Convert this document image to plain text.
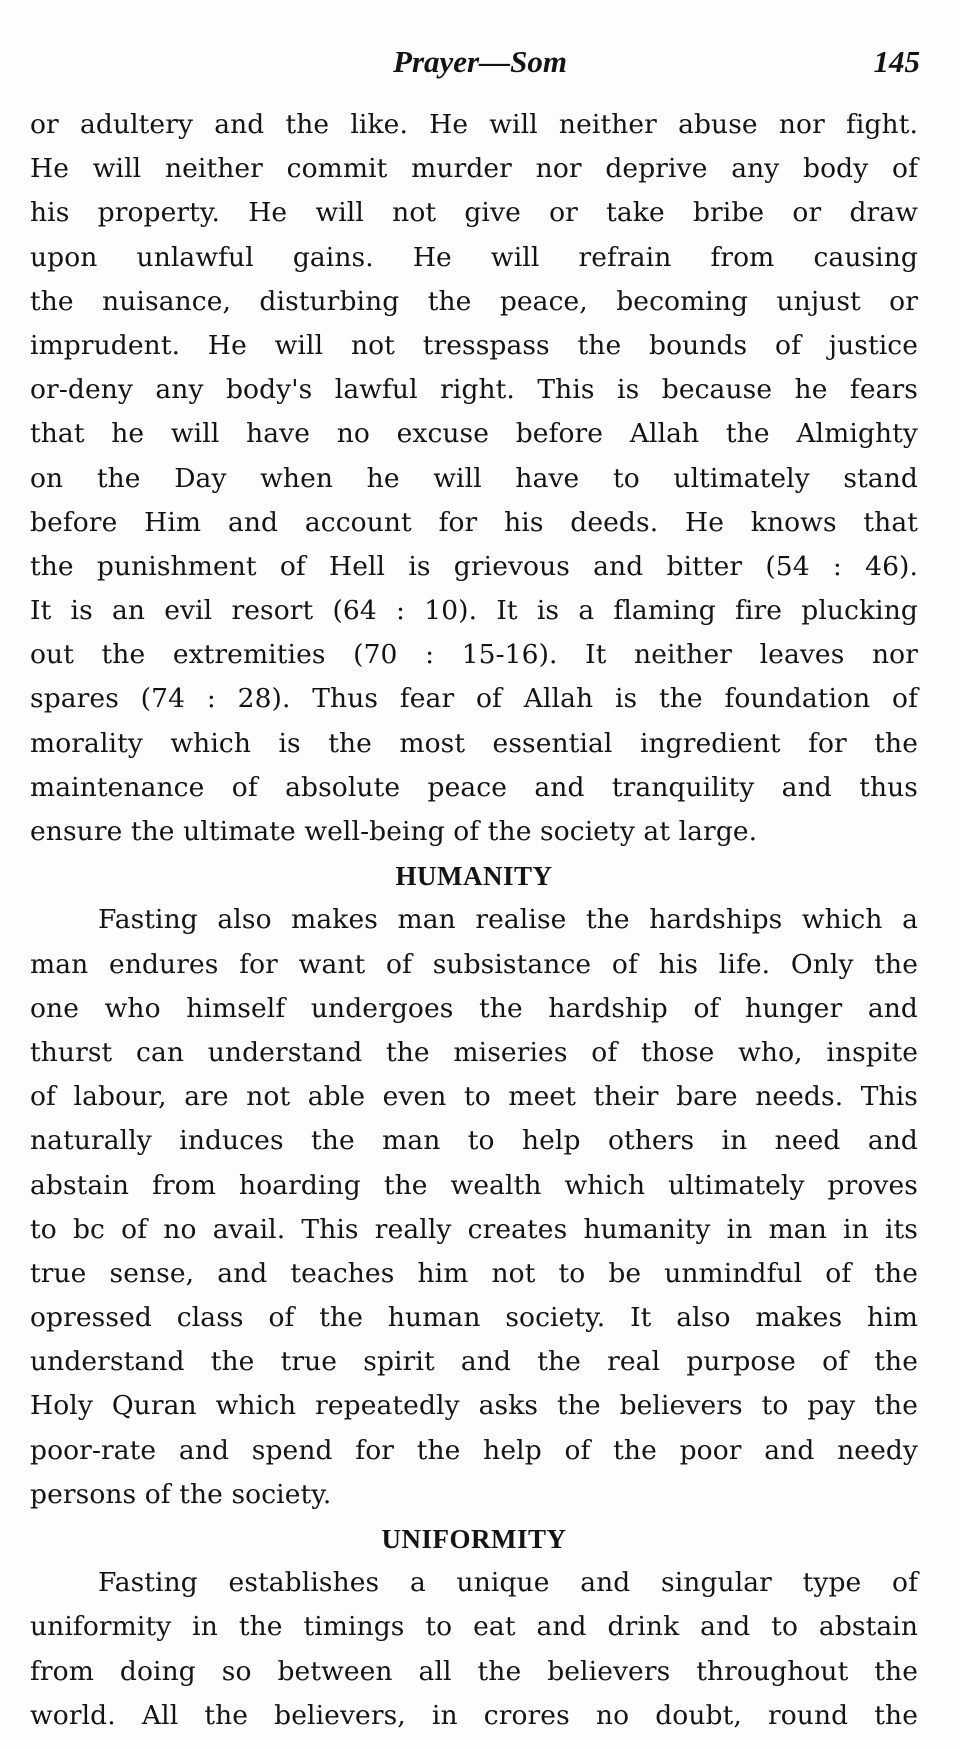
Prayer—Som	145
or adultery and the like. He will neither abuse nor fight.
He will neither commit murder nor deprive any body of
his property. He will not give or take bribe or draw
upon unlawful gains. He will refrain from causing
the nuisance, disturbing the peace, becoming unjust or
imprudent. He will not tresspass the bounds of justice
or-deny any body's lawful right. This is because he fears
that he will have no excuse before Allah the Almighty
on the Day when he will have to ultimately stand
before Him and account for his deeds. He knows that
the punishment of Hell is grievous and bitter (54 : 46).
It is an evil resort (64 : 10). It is a flaming fire plucking
out the extremities (70 : 15-16). It neither leaves nor
spares (74 : 28). Thus fear of Allah is the foundation of
morality which is the most essential ingredient for the
maintenance of absolute peace and tranquility and thus
ensure the ultimate well-being of the society at large.
HUMANITY
Fasting also makes man realise the hardships which a
man endures for want of subsistance of his life. Only the
one who himself undergoes the hardship of hunger and
thurst can understand the miseries of those who, inspite
of labour, are not able even to meet their bare needs. This
naturally induces the man to help others in need and
abstain from hoarding the wealth which ultimately proves
to bc of no avail. This really creates humanity in man in its
true sense, and teaches him not to be unmindful of the
opressed class of the human society. It also makes him
understand the true spirit and the real purpose of the
Holy Quran which repeatedly asks the believers to pay the
poor-rate and spend for the help of the poor and needy
persons of the society.
UNIFORMITY
Fasting establishes a unique and singular type of
uniformity in the timings to eat and drink and to abstain
from doing so between all the believers throughout the
world. All the believers, in crores no doubt, round the
